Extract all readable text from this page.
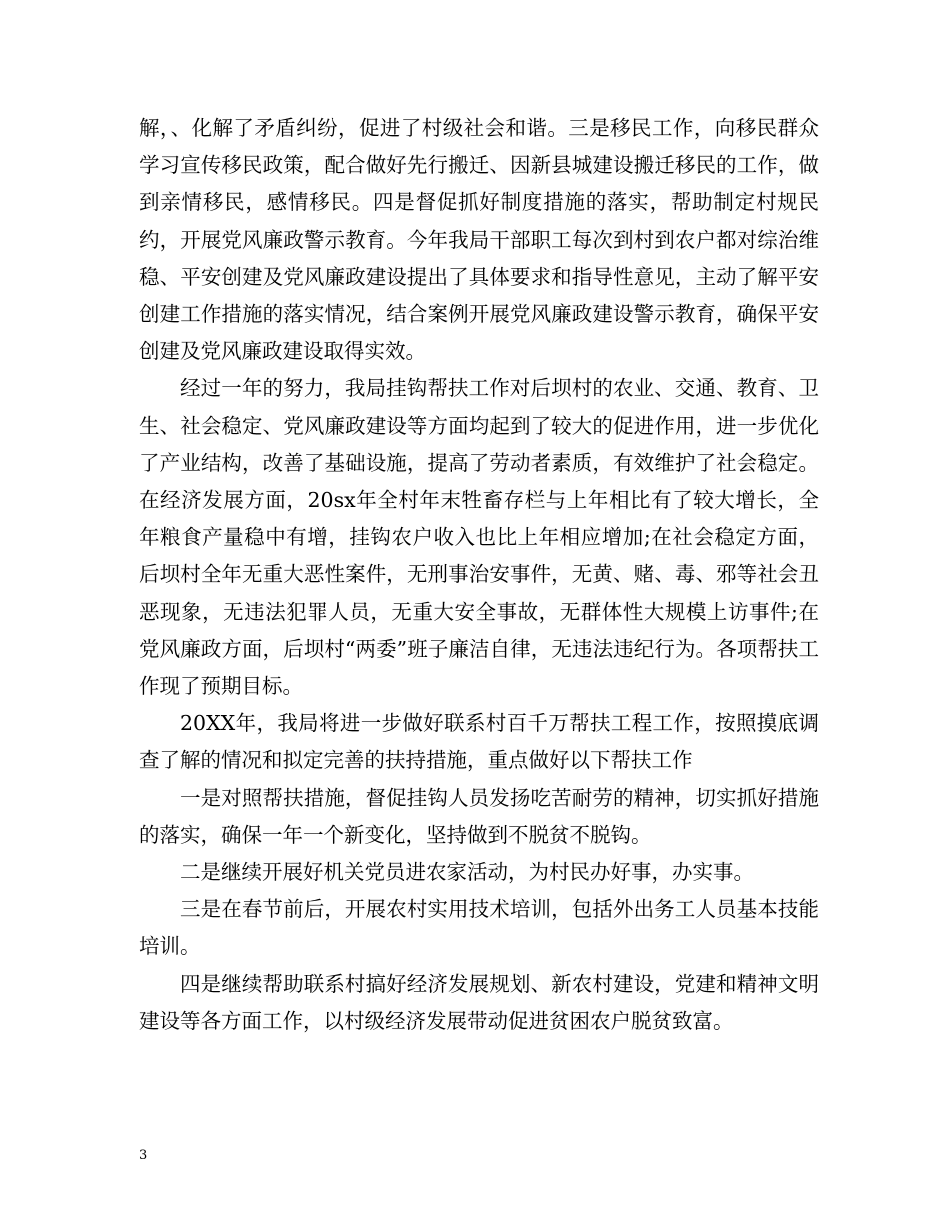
解，、化解了矛盾纠纷，促进了村级社会和谐。三是移民工作，向移民群众学习宣传移民政策，配合做好先行搬迁、因新县城建设搬迁移民的工作，做到亲情移民，感情移民。四是督促抓好制度措施的落实，帮助制定村规民约，开展党风廉政警示教育。今年我局干部职工每次到村到农户都对综治维稳、平安创建及党风廉政建设提出了具体要求和指导性意见，主动了解平安创建工作措施的落实情况，结合案例开展党风廉政建设警示教育，确保平安创建及党风廉政建设取得实效。

经过一年的努力，我局挂钩帮扶工作对后坝村的农业、交通、教育、卫生、社会稳定、党风廉政建设等方面均起到了较大的促进作用，进一步优化了产业结构，改善了基础设施，提高了劳动者素质，有效维护了社会稳定。在经济发展方面，20sx年全村年末牲畜存栏与上年相比有了较大增长，全年粮食产量稳中有增，挂钩农户收入也比上年相应增加;在社会稳定方面，后坝村全年无重大恶性案件，无刑事治安事件，无黄、赌、毒、邪等社会丑恶现象，无违法犯罪人员，无重大安全事故，无群体性大规模上访事件;在党风廉政方面，后坝村“两委”班子廉洁自律，无违法违纪行为。各项帮扶工作现了预期目标。

20XX年，我局将进一步做好联系村百千万帮扶工程工作，按照摸底调查了解的情况和拟定完善的扶持措施，重点做好以下帮扶工作

一是对照帮扶措施，督促挂钩人员发扬吃苦耐劳的精神，切实抓好措施的落实，确保一年一个新变化，坚持做到不脱贫不脱钩。

二是继续开展好机关党员进农家活动，为村民办好事，办实事。

三是在春节前后，开展农村实用技术培训，包括外出务工人员基本技能培训。

四是继续帮助联系村搞好经济发展规划、新农村建设，党建和精神文明建设等各方面工作，以村级经济发展带动促进贫困农户脱贫致富。

3
